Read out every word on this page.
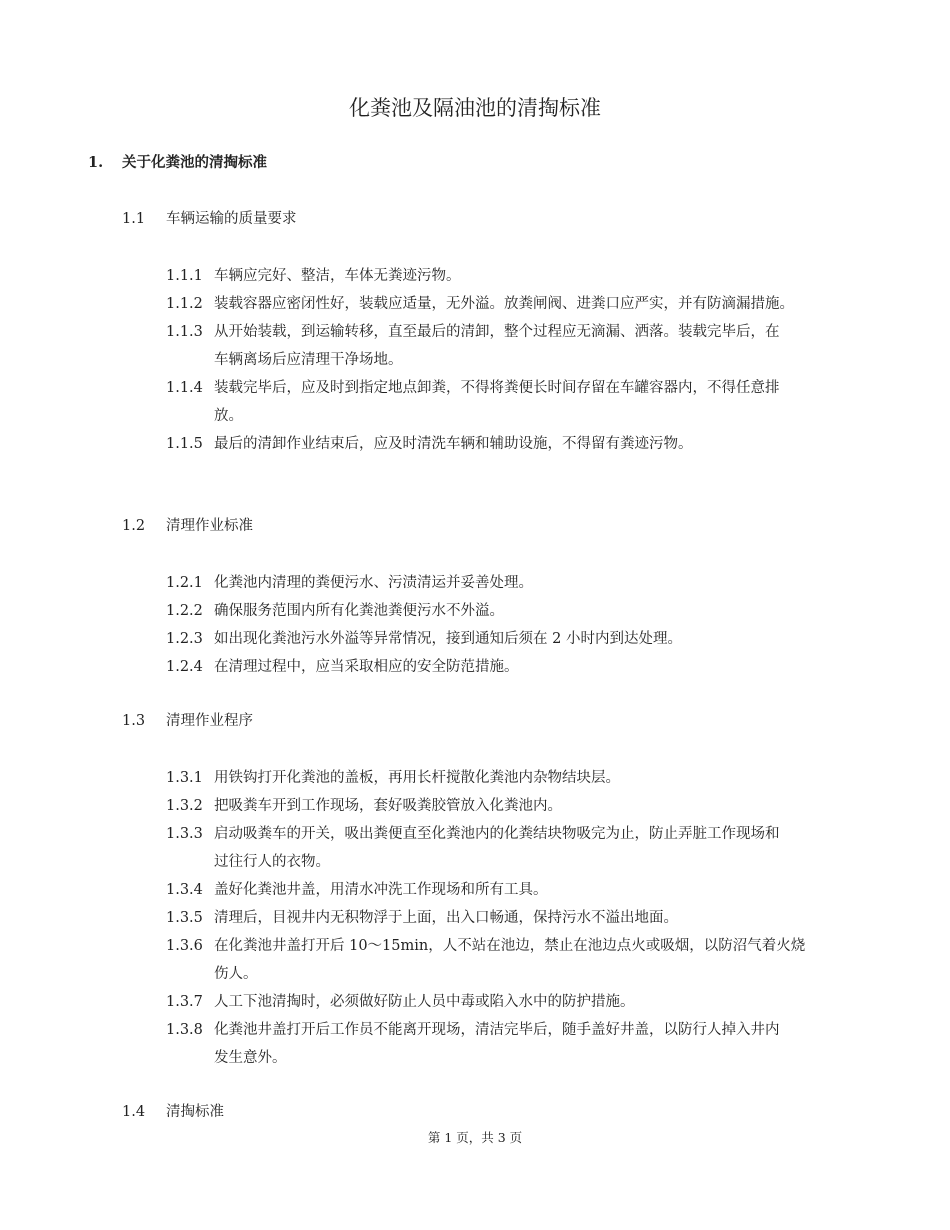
化粪池及隔油池的清掏标准
1. 关于化粪池的清掏标准
1.1 车辆运输的质量要求
1.1.1 车辆应完好、整洁，车体无粪迹污物。
1.1.2 装载容器应密闭性好，装载应适量，无外溢。放粪闸阀、进粪口应严实，并有防滴漏措施。
1.1.3 从开始装载，到运输转移，直至最后的清卸，整个过程应无滴漏、洒落。装载完毕后，在
车辆离场后应清理干净场地。
1.1.4 装载完毕后，应及时到指定地点卸粪，不得将粪便长时间存留在车罐容器内，不得任意排
放。
1.1.5 最后的清卸作业结束后，应及时清洗车辆和辅助设施，不得留有粪迹污物。
1.2 清理作业标准
1.2.1 化粪池内清理的粪便污水、污渍清运并妥善处理。
1.2.2 确保服务范围内所有化粪池粪便污水不外溢。
1.2.3 如出现化粪池污水外溢等异常情况，接到通知后须在 2 小时内到达处理。
1.2.4 在清理过程中，应当采取相应的安全防范措施。
1.3 清理作业程序
1.3.1 用铁钩打开化粪池的盖板，再用长杆搅散化粪池内杂物结块层。
1.3.2 把吸粪车开到工作现场，套好吸粪胶管放入化粪池内。
1.3.3 启动吸粪车的开关，吸出粪便直至化粪池内的化粪结块物吸完为止，防止弄脏工作现场和
过往行人的衣物。
1.3.4 盖好化粪池井盖，用清水冲洗工作现场和所有工具。
1.3.5 清理后，目视井内无积物浮于上面，出入口畅通，保持污水不溢出地面。
1.3.6 在化粪池井盖打开后 10～15min，人不站在池边，禁止在池边点火或吸烟，以防沼气着火烧
伤人。
1.3.7 人工下池清掏时，必须做好防止人员中毒或陷入水中的防护措施。
1.3.8 化粪池井盖打开后工作员不能离开现场，清洁完毕后，随手盖好井盖，以防行人掉入井内
发生意外。
1.4 清掏标准
第 1 页，共 3 页
